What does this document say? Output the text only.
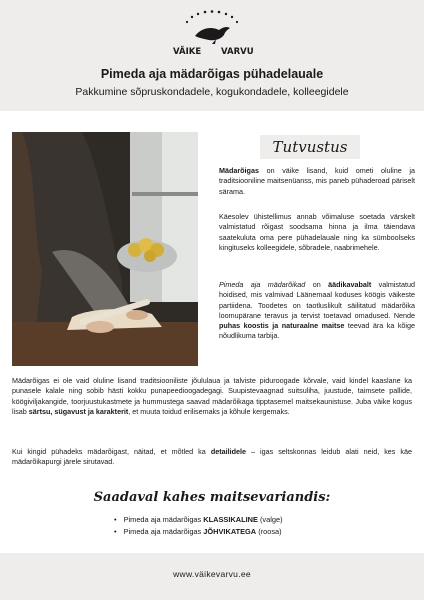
VÄIKE VARVU
Pimeda aja mädarõigas pühadelauale
Pakkumine sõpruskondadele, kogukondadele, kolleegidele
Tutvustus

Mädarõigas on väike lisand, kuid ometi oluline ja traditsiooniline maitsenüanss, mis paneb pühaderoad päriselt särama.

Käesolev ühistellimus annab võimaluse soetada värskelt valmistatud rõigast soodsama hinna ja ilma täiendava saatekuluta oma pere pühadelauale ning ka sümboolseks kingituseks kolleegidele, sõbradele, naabrimehele.

Pimeda aja mädarõikad on äädikavabalt valmistatud hoidised, mis valmivad Läänemaal koduses köögis väikeste partiidena. Toodetes on taotluslikult säilitatud mädarõika loomupärane teravus ja tervist toetavad omadused. Nende puhas koostis ja naturaalne maitse teevad ära ka kõige nõudlikuma tarbija.

Mädarõigas ei ole vaid oluline lisand traditsiooniliste jõululaua ja talviste piduroogade kõrvale, vaid kindel kaaslane ka punasele kalale ning sobib hästi kokku punapeedioogadegagi. Suupistevaagnad suitsuliha, juustude, taimsete pallide, köögiviljakangide, toorjuustukastmete ja hummustega saavad mädarõikaga tipptasemel maitsekaunistuse. Juba väike kogus lisab särtsu, sügavust ja karakterit, et muuta toidud erilisemaks ja kõhule kergemaks.

Kui kingid pühadeks mädarõigast, näitad, et mõtled ka detailidele – igas seltskonnas leidub alati neid, kes käe mädarõikapurgi järele sirutavad.

Saadaval kahes maitsevariandis:
• Pimeda aja mädarõigas KLASSIKALINE (valge)
• Pimeda aja mädarõigas JÕHVIKATEGA (roosa)
www.väikevarvu.ee
